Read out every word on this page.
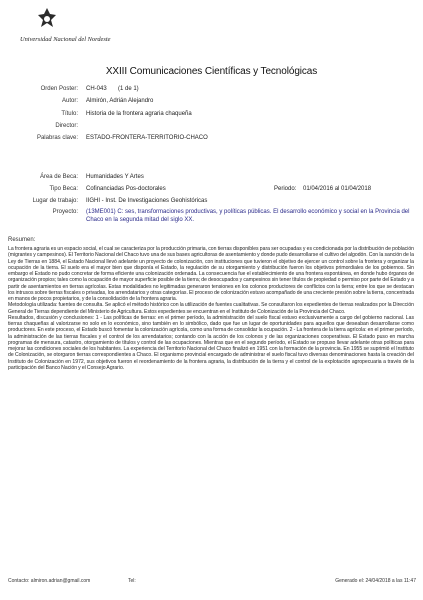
Universidad Nacional del Nordeste
XXIII Comunicaciones Científicas y Tecnológicas
Orden Poster: CH-043 (1 de 1)
Autor: Almirón, Adrián Alejandro
Título: Historia de la frontera agraria chaqueña
Director:
Palabras clave: ESTADO-FRONTERA-TERRITORIO-CHACO
Área de Beca: Humanidades Y Artes
Tipo Beca: Cofinanciadas Pos-doctorales	Periodo: 01/04/2016 al 01/04/2018
Lugar de trabajo: IIGHI - Inst. De Investigaciones Geohistóricas
Proyecto: (13ME001) C: ses, transformaciones productivas, y políticas públicas. El desarrollo económico y social en la Provincia del Chaco en la segunda mitad del siglo XX.
Resumen:

La frontera agraria es un espacio social, el cual se caracteriza por la producción primaria, con tierras disponibles para ser ocupadas y es condicionada por la distribución de población (migrantes y campesinos). El Territorio Nacional del Chaco tuvo una de sus bases agricultoras de asentamiento y donde pudo desarrollarse el cultivo del algodón. Con la sanción de la Ley de Tierras en 1884, el Estado Nacional llevó adelante un proyecto de colonización, con instituciones que tuvieron el objetivo de ejercer un control sobre la frontera y organizar la ocupación de la tierra. El suelo era el mayor bien que disponía el Estado, la regulación de su otorgamiento y distribución fueron los objetivos primordiales de los gobiernos. Sin embargo el Estado no pudo concretar de forma eficiente una colonización ordenada. La consecuencia fue el establecimiento de una frontera espontánea, en donde hubo órganos de organización propios; tales como la ocupación de mayor superficie posible de la tierra; de desocupados y campesinos sin tener títulos de propiedad o permiso por parte del Estado y a partir de asentamientos en tierras agrícolas. Estas modalidades no legitimadas generaron tensiones en los colonos productores de conflictos con la tierra; entre los que se destacan los intrusos sobre tierras fiscales o privadas, los arrendatarios y otras categorías. El proceso de colonización estuvo acompañado de una creciente presión sobre la tierra, concentrada en manos de pocos propietarios, y de la consolidación de la frontera agraria.

Metodología utilizada: fuentes de consulta. Se aplicó el método histórico con la utilización de fuentes cualitativas. Se consultaron los expedientes de tierras realizados por la Dirección General de Tierras dependiente del Ministerio de Agricultura. Estos expedientes se encuentran en el Instituto de Colonización de la Provincia del Chaco.

Resultados, discusión y conclusiones: 1 - Las políticas de tierras: en el primer período, la administración del suelo fiscal estuvo exclusivamente a cargo del gobierno nacional. Las tierras chaqueñas al valorizarse no solo en lo económico, sino también en lo simbólico, dado que fue un lugar de oportunidades para aquellos que deseaban desarrollarse como productores. En este proceso, el Estado buscó fomentar la colonización agrícola, como una forma de consolidar la ocupación. 2 - La frontera de la tierra agrícola: en el primer período, la administración de las tierras fiscales y el control de los arrendatarios; contando con la acción de los colonos y de las organizaciones cooperativas. El Estado puso en marcha programas de mensura, catastro, otorgamiento de títulos y control de las ocupaciones. Mientras que en el segundo período, el Estado se propuso llevar adelante otras políticas para mejorar las condiciones sociales de los habitantes. La experiencia del Territorio Nacional del Chaco finalizó en 1951 con la formación de la provincia. En 1955 se suprimió el Instituto de Colonización, se otorgaron tierras correspondientes a Chaco. El organismo provincial encargado de administrar el suelo fiscal tuvo diversas denominaciones hasta la creación del Instituto de Colonización en 1972, sus objetivos fueron el reordenamiento de la frontera agraria, la distribución de la tierra y el control de la explotación agropecuaria a través de la participación del Banco Nación y el Consejo Agrario.

Contacto: almiron.adrian@gmail.com	Tel:	Generado el: 24/04/2018 a las 11:47
